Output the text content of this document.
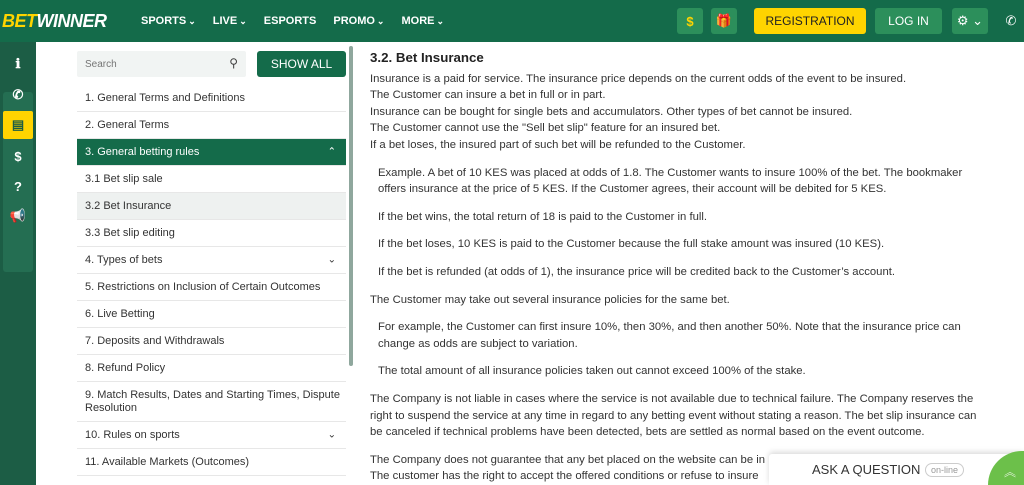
BETWINNER	SPORTS ⌄ LIVE ⌄ ESPORTS PROMO ⌄ MORE ⌄	$	🎁	REGISTRATION	LOG IN	⚙ ⌄	✆
ℹ
✆
▤
$
?
📢
Search
⚲	SHOW ALL
1. General Terms and Definitions
2. General Terms
3. General betting rules	⌃
3.1 Bet slip sale
3.2 Bet Insurance
3.3 Bet slip editing
4. Types of bets	⌄
5. Restrictions on Inclusion of Certain Outcomes
6. Live Betting
7. Deposits and Withdrawals
8. Refund Policy
9. Match Results, Dates and Starting Times, Dispute Resolution
10. Rules on sports	⌄
11. Available Markets (Outcomes)
3.2. Bet Insurance

Insurance is a paid for service. The insurance price depends on the current odds of the event to be insured.

The Customer can insure a bet in full or in part.

Insurance can be bought for single bets and accumulators. Other types of bet cannot be insured.

The Customer cannot use the "Sell bet slip" feature for an insured bet.

If a bet loses, the insured part of such bet will be refunded to the Customer.

Example. A bet of 10 KES was placed at odds of 1.8. The Customer wants to insure 100% of the bet. The bookmaker offers insurance at the price of 5 KES. If the Customer agrees, their account will be debited for 5 KES.

If the bet wins, the total return of 18 is paid to the Customer in full.

If the bet loses, 10 KES is paid to the Customer because the full stake amount was insured (10 KES).

If the bet is refunded (at odds of 1), the insurance price will be credited back to the Customer’s account.

The Customer may take out several insurance policies for the same bet.

For example, the Customer can first insure 10%, then 30%, and then another 50%. Note that the insurance price can change as odds are subject to variation.

The total amount of all insurance policies taken out cannot exceed 100% of the stake.

The Company is not liable in cases where the service is not available due to technical failure. The Company reserves the right to suspend the service at any time in regard to any betting event without stating a reason. The bet slip insurance can be canceled if technical problems have been detected, bets are settled as normal based on the event outcome.

The Company does not guarantee that any bet placed on the website can be in

The customer has the right to accept the offered conditions or refuse to insure	ASK A QUESTION	on-line	︽
